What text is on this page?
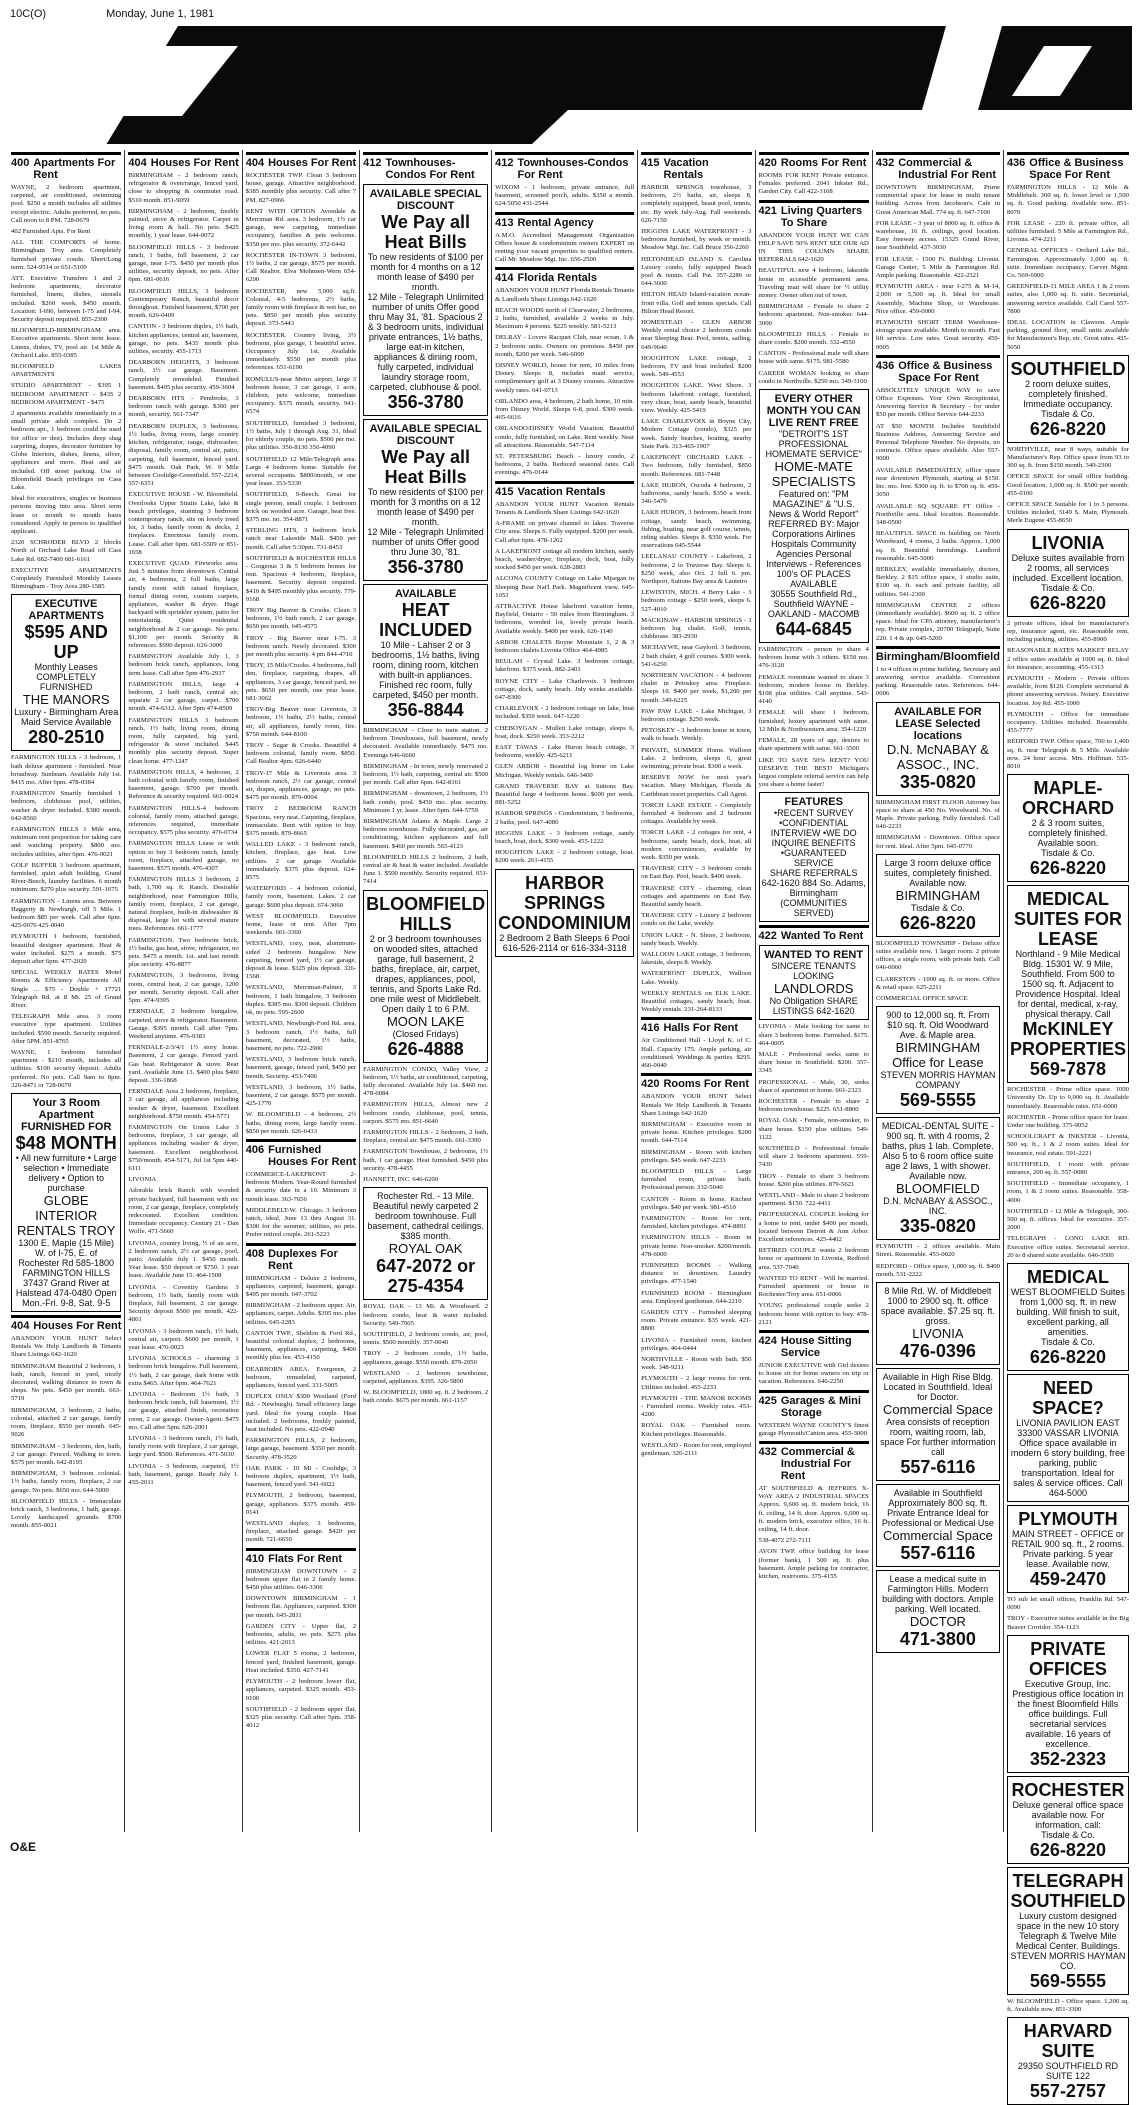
10C(O)	Monday, June 1, 1981
400 Apartments For Rent
WAYNE, 2 bedroom apartment, carpeted, air conditioned, swimming pool. $250 a month includes all utilities except electric. Adults preferred, no pets. Call noon to 8 PM. 728-0679
402 Furnished Apts. For Rent
ALL THE COMFORTS of home. Birmingham Troy area. Completely furnished private condo. Short/Long term. 524-9514 or 651-5109
ATT. Executive Transfers 1 and 2 bedroom apartments, decorator furnished, linens, dishes, utensils included. $260 week, $450 month. Location: I-696, between I-75 and I-94. Security deposit required. 855-2300
BLOOMFIELD-BIRMINGHAM area. Executive apartments. Short term lease. Linens, dishes, TV, pool air. 1st Mile & Orchard Lake. 855-0385
BLOOMFIELD LAKES APARTMENTS
STUDIO APARTMENT - $395 1 BEDROOM APARTMENT - $435 2 BEDROOM APARTMENT - $475
2 apartments available immediately in a small private adult complex. (In 2 bedroom apt., 1 bedroom could be used for office or den). Includes deep shag carpeting, drapes, decorator furniture by Globe Interiors, dishes, linens, silver, appliances and more. Heat and air included. Off street parking. Use of Bloomfield Beach privileges on Cass Lake.
Ideal for executives, singles or business persons moving into area. Short term lease or month to month basis considered. Apply in person to qualified applicant.
2320 SCHRODER BLVD 2 blocks North of Orchard Lake Road off Cass Lake Rd. 682-7400 681-6161
EXECUTIVE APARTMENTS Completely Furnished Monthly Leases Birmingham - Troy Area 280-1585
EXECUTIVE APARTMENTS
$595 AND UP
Monthly Leases COMPLETELY FURNISHED
THE MANORS
Luxury - Birmingham Area Maid Service Available
280-2510
FARMINGTON HILLS - 3 bedroom, 1 bath deluxe apartment - furnished. Near broadway. Sunbeam. Available July 1st. $415 mo. After 6pm. 478-0384
FARMINGTON Smartly furnished 1 bedroom, clubhouse pool, utilities, washer & dryer included. $380 month. 642-8560
FARMINGTON HILLS 1 Mile area, minimum rent proportion for taking care and watching property. $800 mo. includes utilities, after 6pm. 476-0021
GOLF BUFFER 3 bedroom apartment, furnished, quiet adult building, Grand River-Beech, laundry facilities. 6 month minimum. $270 plus security. 591-1075
FARMINGTON - Linens area. Between Haggerty & Newburgh, off 5 Mile. 1 bedroom $85 per week. Call after 6pm. 425-0076 425-0040
PLYMOUTH 1 bedroom, furnished, beautiful designer apartment. Heat & water included. $275 a month. $75 deposit after 6pm. 477-2020
SPECIAL WEEKLY RATES Motel Rooms & Efficiency Apartments All Single ... $75 - Double + 17721 Telegraph Rd. at 8 Mi. 25 of Grand River.
TELEGRAPH Mile area. 3 room executive type apartment. Utilities included. $590 month. Security required. After 5PM. 851-8765
WAYNE, 1 bedroom furnished apartment - $210 month, includes all utilities. $100 security deposit. Adults preferred. No pets. Call 9am to 8pm. 326-8471 or 728-0679
Your 3 Room Apartment FURNISHED FOR
$48 MONTH
• All new furniture • Large selection • Immediate delivery • Option to purchase
GLOBE INTERIOR RENTALS TROY
1300 E. Maple (15 Mile) W. of I-75, E. of Rochester Rd 585-1800 FARMINGTON HILLS 37437 Grand River at Halstead 474-0480 Open Mon.-Fri. 9-8, Sat. 9-5
404 Houses For Rent
ABANDON YOUR HUNT Select Rentals We Help Landlords & Tenants Share Listings 642-1620
BIRMINGHAM Beautiful 2 bedroom, 1 bath, ranch, fenced in yard, nicely decorated, walking distance to town & shops. No pets. $450 per month. 663-5719
BIRMINGHAM, 3 bedroom, 2 baths, colonial, attached 2 car garage, family room, fireplace. $550 per month. 645-9026
BIRMINGHAM - 3 bedroom, den, bath, 2 car garage. Fenced. Walking to town. $575 per month. 642-8195
BIRMINGHAM, 3 bedroom colonial. 1½ baths, family room, fireplace, 2 car garage. No pets. $650 mo. 644-5000
BLOOMFIELD HILLS - Immaculate brick ranch, 3 bedrooms, 1 bath, garage. Lovely landscaped grounds. $700 month. 855-0021
404 Houses For Rent
BIRMINGHAM - 2 bedroom ranch, refrigerator & oven/range, fenced yard, close to shopping & commuter road. $510 month. 851-9059
BIRMINGHAM - 2 bedroom, freshly painted, stove & refrigerator. Carpet in living room & hall. No pets. $425 monthly, 1 year lease. 644-0072
BLOOMFIELD HILLS - 3 bedroom ranch, 1 baths, full basement, 2 car garage, near I-75. $450 per month plus utilities, security deposit, no pets. After 6pm. 681-0616
BLOOMFIELD HILLS, 3 bedroom Contemporary Ranch, beautiful decor throughout. Finished basement, $700 per month. 626-0409
CANTON - 3 bedroom duplex, 1½ bath, kitchen appliances, central air, basement, garage, no pets. $435 month plus utilities, security. 455-1713
DEARBORN HEIGHTS, 3 bedroom ranch, 1½ car garage. Basement. Completely remodeled. Finished basement. $495 plus security. 459-3604
DEARBORN HTS - Pembroke, 3 bedroom ranch with garage. $360 per month, security. 561-7347
DEARBORN DUPLEX, 3 bedrooms, 1½ baths, living room, large country kitchen, refrigerator, range, dishwasher, disposal, family room, central air, patio, carpeting, full basement, fenced yard. $475 month. Oak Park, W. 9 Mile between Coolidge-Greenfield. 557-2214, 357-6351
EXECUTIVE HOUSE - W. Bloomfield. Overlooks Upper Straits Lake, lake & beach privileges, stunning 3 bedroom contemporary ranch, sits on lovely treed lot, 3 baths, family room & decks, 2 fireplaces. Enormous family room. Lease. Call after 6pm. 681-5509 or 851-1658
EXECUTIVE QUAD. Fireworks area. Just 5 minutes from downtown. Central air, 4 bedrooms, 2 full baths, large family room with raised fireplace, formal dining room, custom carpets, appliances, washer & dryer. Huge backyard with sprinkler system, patio for entertaining. Quiet residential neighborhood & 2 car garage. No pets. $1,100 per month. Security & references. $990 deposit. 626-3000
FARMINGTON Available July 1, 3 bedroom brick ranch, appliances, long term lease. Call after 5pm 476-2937
FARMINGTON HILLS, large 4 bedroom, 2 bath ranch, central air, separate 2 car garage, carpet. $700 month. 474-6312. After 5pm 474-8509
FARMINGTON HILLS 3 bedroom ranch, 1½ bath, living room, dining room, fully carpeted, big yard, refrigerator & stove included. $445 monthly plus security deposit. Super clean home. 477-1247
FARMINGTON HILLS, 4 bedroom, 2 bath colonial with family room, finished basement, garage. $700 per month. Reference & security required. 661-0024
FARMINGTON HILLS-4 bedroom colonial, family room, attached garage, references required, immediate occupancy. $575 plus security. 476-0734
FARMINGTON HILLS Lease or with option to buy 3 bedroom ranch, family room, fireplace, attached garage, no basement. $575 month. 476-4307
FARMINGTON HILLS 3 bedroom, 2 bath, 1,700 sq. ft. Ranch. Desirable neighborhood, near Farmington Hills, family room, fireplace, 2 car garage, natural fireplace, built-in dishwasher & disposal, large lot with several mature trees. References. 661-1777
FARMINGTON. Two bedroom brick, 1½ baths, gas heat, stove, refrigerator, no pets. $475 a month. 1st. and last month plus security. 476-8877
FARMINGTON, 3 bedrooms, living room, central heat, 2 car garage, 1200 per month, Security deposit. Call after 5pm. 474-9395
FERNDALE, 2 bedroom bungalow, carpeted, stove & refrigerator. Basement. Garage. $395 month. Call after 7pm. Weekend anytime. 476-9383
FERNDALE-2/3/4/1 1½ story home. Basement, 2 car garage. Fenced yard. Gas heat. Refrigerator & stove. Rear yard. Available June 13. $400 plus $400 deposit. 336-1868
FERNDALE Area 2 bedroom, fireplace, 3 car garage, all appliances including washer & dryer, basement. Excellent neighborhood. $750 month. 454-5771
FARMINGTON On Union Lake 3 bedrooms, fireplace, 3 car garage, all appliances including washer & dryer, basement. Excellent neighborhood. $750/month. 454-5171, Jul 1st 5pm 440-6111
LIVONIA
Adorable brick Ranch with wooded private backyard, full basement with rec room, 2 car garage, fireplace, completely redecorated. Excellent condition. Immediate occupancy. Century 21 - Dan Wolfe. 471-5660
LIVONIA, country living, ½ of an acre, 2 bedroom ranch, 2½ car garage, pool, patio. Available July 1. $450 month. Year lease. $50 deposit or $750. 1 year lease. Available June 15. 464-1508
LIVONIA - Coventry Gardens 3 bedroom, 1½ bath, family room with fireplace, full basement, 2 car garage. Security deposit $500 per month. 422-4861
LIVONIA - 3 bedroom ranch, 1½ bath, central air, carport. $600 per month, 1 year lease. 476-0023
LIVONIA SCHOOLS - charming 3 bedroom brick bungalow. Full basement, 1½ bath, 2 car garage, dark home with extra $465. After 6pm. 464-7621
LIVONIA - Bedroom 1½ bath, 3 bedroom brick ranch, full basement, 1½ car garage, attached finish, recreation room, 2 car garage. Owner-Agent. $475 mo. Call after 5pm. 626-2001
LIVONIA - 3 bedroom ranch, 1½ bath, family room with fireplace, 2 car garage, large yard. $500. References. 471-5030
LIVONIA - 3 bedroom, carpeted, 1½ bath, basement, garage. Ready July 1. 455-2011
404 Houses For Rent
ROCHESTER TWP. Clean 3 bedroom house, garage. Attractive neighborhood. $385 monthly plus security. Call after 7 PM. 827-0966
RENT WITH OPTION Avondale & Merriman Rd. area. 3 bedroom, 1½ car garage, new carpeting, immediate occupancy, families & pets welcome. $350 per mo. plus security. 372-6442
ROCHESTER IN-TOWN 3 bedroom, 1½ baths, 2 car garage, $575 per month. Call Realtor. Elva Mohnsen-Wern 654-6200
ROCHESTER, new 3,000 sq.ft. Colonial, 4-5 bedrooms, 2½ baths, family room with fireplace & wet bar, no pets. $850 per month plus security deposit. 373-5443
ROCHESTER. Country living, 3½ bedroom, plus garage, 1 beautiful acres. Occupancy July 1st. Available immediately. $550 per month plus references. 651-6190
ROMULUS-near Metro airport, large 3 bedroom house, 3 car garage, 1 acre, children, pets welcome, immediate occupancy. $375 month, security. 941-6574
SOUTHFIELD, furnished 3 bedroom, 1½ baths, July 1 through Aug. 31, Ideal for elderly couple, no pets. $500 per mo. plus utilities. 356-8130 356-4090
SOUTHFIELD 12 Mile/Telegraph area. Large 4 bedroom home. Suitable for several occupants. $800/month, or one year lease. 353-5330
SOUTHFIELD, 9-Beech. Great for single person, small couple. 1 bedroom brick on wooded acre. Garage, heat free. $375 mo. no. 354-8871
STERLING HTS, 3 bedroom brick ranch near Lakeside Mall. $450 per month. Call after 5:30pm. 731-8453
SOUTHFIELD & ROCHESTER HILLS - Gorgeous 3 & 5 bedroom homes for rent. Spacious 4 bedroom, fireplace, basement. Security deposit required. $410 & $495 monthly plus security. 779-9168
TROY Big Beaver & Crooks. Clean 3 bedroom, 1½ bath ranch, 2 car garage. $650 per month. 645-4575
TROY - Big Beaver near I-75. 3 bedroom ranch. Newly decorated. $300 per month plus security. 4 pm 844-4710
TROY, 15 Mile/Crooks. 4 bedrooms, full den, fireplace, carpeting, drapes, all appliances, 3 car garage, fenced yard, no pets. $650 per month, one year lease. 681-3062
TROY-Big Beaver near Livernois, 3 bedroom, 1½ baths, 2½ baths, central air, all appliances, family room, fire. $750 month. 644-8100
TROY - Sugar & Crooks. Beautiful 4 bedroom colonial, family room. $850. Call Realtor 4pm. 626-6440
TROY-17 Mile & Livernois area. 3 bedroom ranch, 2½ car garage, central air, drapes, appliances, garage, no pets. $475 per month. 879-0004
TROY 2 BEDROOM RANCH Spacious, very neat. Carpeting, fireplace, immaculate. Rent with option to buy. $375 month. 879-8665
WALLED LAKE - 3 bedroom ranch, kitchen, fireplace, gas heat. Low utilities. 2 car garage. Available immediately. $375 plus deposit. 624-8575
WATERFORD - 4 bedroom colonial, family room, basement. Lakes. 2 car garage. $600 plus deposit. 674-3060
WEST BLOOMFIELD. Executive home, lease or rent. After 7pm weekends. 661-3360
WESTLAND, cozy, neat, aluminum-sided 2 bedroom bungalow. New carpeting, fenced yard, 1½ car garage, deposit & lease. $325 plus deposit. 326-1568
WESTLAND, Merriman-Palmer, 3 bedroom, 1 bath bungalow, 3 bedroom duplex. $385 mo. $300 deposit. Children ok, no pets. 595-2600
WESTLAND, Newburgh-Ford Rd. area, 3 bedroom ranch, 1½ baths, full basement, decorated, 1½ baths, basement, no pets. 722-2900
WESTLAND, 3 bedroom brick ranch, basement, garage, fenced yard, $450 per month. Security. 453-7406
WESTLAND, 3 bedroom, 1½ baths, basement, 2 car garage. $575 per month. 425-1770
W. BLOOMFIELD - 4 bedroom, 2½ baths, dining room, large family room. $850 per month. 626-6433
406 Furnished Houses For Rent
COMMERCE-LAKEFRONT 2-bedroom Modern. Year-Round furnished & security date in a 10. Minimum 3 month lease. 363-7656
MIDDLEBELT-W. Chicago. 3 bedroom ranch, ideal, June 13 thru August 31. $300 for the summer, utilities, no pets. Prefer retired couple. 261-5223
408 Duplexes For Rent
BIRMINGHAM - Deluxe 2 bedroom, appliances, carpeted, basement, garage. $495 per month. 647-3702
BIRMINGHAM - 2 bedroom upper. Air, appliances, carpet. Adults. $395 mo. plus utilities. 645-2283
CANTON TWP., Sheldon & Ford Rd., beautiful colonial duplex, 2 bedrooms, basement, appliances, carpeting, $400 monthly plus fee. 453-4150
DEARBORN AREA. Evergreen, 2 bedroom, remodeled, carpeted, appliances, fenced yard. 331-5005
DUPLEX ONLY $300 Westland (Ford Rd. - Newburgh). Small efficiency large yard. Ideal for young couple. Heat included. 2 bedrooms, freshly painted, heat included. No pets. 422-0940
FARMINGTON HILLS, 2 bedroom, large garage, basement. $350 per month. Security. 478-3520
OAK PARK - 10 Mi - Coolidge, 3 bedroom duplex, apartment, 1½ bath, basement, fenced yard. 541-6022
PLYMOUTH, 2 bedroom, basement, garage, appliances. $375 month. 459-0141
WESTLAND duplex, 3 bedrooms, fireplace, attached garage. $420 per month. 721-6650
410 Flats For Rent
BIRMINGHAM DOWNTOWN - 2 bedroom upper flat in 2 family home. $450 plus utilities. 646-3306
DOWNTOWN BIRMINGHAM - 1 bedroom flat. Appliances, carpeted. $300 per month. 645-2811
GARDEN CITY - Upper flat, 2 bedrooms, adults, no pets. $275 plus utilities. 421-2013
LOWER FLAT 5 rooms, 2 bedroom, fenced yard, finished basement, garage. Heat included. $350. 427-7141
PLYMOUTH - 2 bedroom lower flat, appliances, carpeted. $325 month. 453-0100
SOUTHFIELD - 2 bedroom upper flat. $325 plus security. Call after 5pm. 358-4012
412 Townhouses-Condos For Rent
AVAILABLE SPECIAL DISCOUNT
We Pay all Heat Bills
To new residents of $100 per month for 4 months on a 12 month lease of $490 per month.
12 Mile - Telegraph Unlimited number of units Offer good thru May 31, '81. Spacious 2 & 3 bedroom units, individual private entrances, 1½ baths, large eat-in kitchen, appliances & dining room, fully carpeted, individual laundry storage room, carpeted, clubhouse & pool.
356-3780
AVAILABLE SPECIAL DISCOUNT
We Pay all Heat Bills
To new residents of $100 per month for 3 months on a 12 month lease of $490 per month.
12 Mile - Telegraph Unlimited number of units Offer good thru June 30, '81.
356-3780
AVAILABLE
HEAT INCLUDED
10 Mile - Lahser 2 or 3 bedrooms, 1½ baths, living room, dining room, kitchen with built-in appliances. Finished rec room, fully carpeted, $450 per month.
356-8844
BIRMINGHAM - Close to train station. 2 bedroom Townhouses, full basement, newly decorated. Available immediately. $475 mo. Evenings 646-6660
BIRMINGHAM - In town, newly renovated 2 bedroom, 1½ bath, carpeting, central air. $500 per month. Call after 6pm. 642-8161
BIRMINGHAM - downtown, 2 bedroom, 1½ bath condo, pool. $450 mo. plus security. Minimum 1 yr. lease. After 6pm. 644-5759
BIRMINGHAM Adams & Maple. Large 2 bedroom townhouse. Fully decorated, gas, air conditioning, kitchen appliances and full basement. $460 per month. 565-4123
BLOOMFIELD HILLS 2 bedroom, 2 bath, central air & heat & water included. Available June 1. $500 monthly. Security required. 651-7414
BLOOMFIELD HILLS
2 or 3 bedroom townhouses on wooded sites, attached garage, full basement, 2 baths, fireplace, air, carpet, drapes, appliances, pool, tennis, and Sports Lake Rd. one mile west of Middlebelt. Open daily 1 to 6 P.M.
MOON LAKE
(Closed Fridays)
626-4888
FARMINGTON CONDO, Valley View, 2 bedroom, 1½ baths, air conditioned, carpeting, fully decorated. Available July 1st. $460 mo. 478-0084
FARMINGTON HILLS, Almost new 2 bedroom condo, clubhouse, pool, tennis, carport. $575 mo. 851-6640
FARMINGTON HILLS - 2 bedroom, 2 bath, fireplace, central air. $475 month. 661-3390
FARMINGTON Townhouse, 2 bedrooms, 1½ bath, 1 car garage. Heat furnished. $450 plus security. 478-4455
HANNETT, INC. 646-6200
Rochester Rd. - 13 Mile. Beautiful newly carpeted 2 bedroom townhouse. Full basement, cathedral ceilings. $385 month.
ROYAL OAK
647-2072 or 275-4354
ROYAL OAK - 13 Mi. & Woodward. 2 bedroom condo, heat & water included. Security. 549-7005
SOUTHFIELD, 2 bedroom condo, air, pool, tennis. $500 monthly. 357-0040
TROY - 2 bedroom condo, 1½ baths, appliances, garage. $550 month. 879-2050
WESTLAND - 2 bedroom townhouse, carpeted, appliances. $395. 326-5800
W. BLOOMFIELD, 1800 sq. ft. 2 bedroom, 2 bath condo. $675 per month. 661-1157
412 Townhouses-Condos For Rent
WIXOM - 1 bedroom, private entrance, full basement, screened porch, adults. $350 a month. 624-5050 431-2544
413 Rental Agency
A.M.O. Accredited Management Organization Offers house & condominium owners EXPERT on renting your vacant properties to qualified renters. Call Mr. Meadow Mgt. Inc. 656-2500
414 Florida Rentals
ABANDON YOUR HUNT Florida Rentals Tenants & Landlords Share Listings 642-1620
BEACH WOODS north of Clearwater, 2 bedrooms, 2 baths, furnished, available 2 weeks in July. Maximum 4 persons. $225 weekly. 581-5213
DELRAY - Lovers Racquet Club, near ocean, 1 & 2 bedroom units. Owners on premises. $450 per month, $200 per week. 546-6000
DISNEY WORLD, house for rent, 10 miles from Disney. Sleeps 8, includes maid service, complimentary golf at 3 Disney courses. Attractive weekly rates. 641-0713
ORLANDO area, 4 bedroom, 2 bath home, 10 min. from Disney World. Sleeps 6-8, pool. $300 week. 465-6616
ORLANDO/DISNEY World Vacation. Beautiful condo, fully furnished, on Lake. Rent weekly. Near all attractions. Reasonable. 547-7114
ST. PETERSBURG Beach - luxury condo, 2 bedrooms, 2 baths. Reduced seasonal rates. Call evenings. 476-0144
415 Vacation Rentals
ABANDON YOUR HUNT Vacation Rentals Tenants & Landlords Share Listings 642-1620
A-FRAME on private channel to lakes. Traverse City area. Sleeps 6. Fully equipped. $200 per week. Call after 6pm. 478-1262
A LAKEFRONT cottage all modern kitchen, sandy beach, washer/dryer, fireplace, deck, boat, fully stocked $450 per week. 628-2883
ALCONA COUNTY Cottage on Lake Mjsegan in Sleeping Bear Nat'l Park. Magnificent view. 645-1053
ATTRACTIVE House lakefront vacation home, Bayfield, Ontario - 50 miles from Birmingham. 3 bedrooms, wooded lot, lovely private beach. Available weekly. $400 per week. 626-1140
ARBOR CHALETS Boyne Mountain 1, 2 & 3 bedroom chalets Livonia Office 464-4985
BEULAH - Crystal Lake. 3 bedroom cottage, lakefront. $375 week. 882-2401
BOYNE CITY - Lake Charlevoix. 3 bedroom cottage, dock, sandy beach. July weeks available. 647-8300
CHARLEVOIX - 2 bedroom cottage on lake, boat included. $350 week. 647-1220
CHEBOYGAN - Mullett Lake cottage, sleeps 6, boat, dock. $250 week. 353-2212
EAST TAWAS - Lake Huron beach cottage, 3 bedrooms, weekly. 425-6211
GLEN ARBOR - Beautiful log home on Lake Michigan. Weekly rentals. 646-3400
GRAND TRAVERSE BAY at Suttons Bay. Beautiful large 4 bedroom home. $600 per week. 881-5252
HARBOR SPRINGS - Condominium, 3 bedrooms, 2 baths, pool. 647-4080
HIGGINS LAKE - 3 bedroom cottage, sandy beach, boat, dock. $300 week. 455-1222
HOUGHTON LAKE - 2 bedroom cottage, boat. $200 week. 261-4155
HARBOR SPRINGS CONDOMINIUM
2 Bedroom 2 Bath Sleeps 6 Pool
616-526-2114 or 616-334-3118
415 Vacation Rentals
HARBOR SPRINGS townhouse, 3 bedroom, 2½ baths, air, sleeps 8, completely equipped, beaut pool, tennis, etc. By week July-Aug. Fall weekends. 626-7150
HIGGINS LAKE WATERFRONT - 3 bedrooms furnished, by week or month. Meadow Mgt. Inc. Call Bruce 356-2260
HILTONHEAD ISLAND S. Carolina Luxury condo, fully equipped Beach pool & tennis. Call Pat. 357-2286 or 644-3600
HILTON HEAD Island-vacation ocean-front villa. Golf and tennis specials. Call Hilton Head Resort.
HOMESTEAD - GLEN ARBOR Weekly rental choice 2 bedroom condo near Sleeping Bear. Pool, tennis, sailing. 649-9640
HOUGHTON LAKE cottage, 2 bedroom, TV and boat included. $200 week. 549-4553
HOUGHTON LAKE. West Shore. 3 bedroom lakefront cottage, furnished, very clean, boat, sandy beach, beautiful view. Weekly. 425-5419
LAKE CHARLEVOIX in Boyne City, Modern Cottage (condo), $325 per week. Sandy beaches, boating, nearby State Park. 313-465-1907
LAKEFRONT ORCHARD LAKE - Two bedroom, fully furnished, $850 month. References. 681-7448
LAKE HURON, Oscoda 4 bedroom, 2 bathrooms, sandy beach. $350 a week. 346-5479
LAKE HURON, 3 bedroom, beach front cottage, sandy beach, swimming, fishing, boating, near golf course, tennis, riding stables. Sleeps 8. $350 week. For reservations 645-5544
LEELANAU COUNTY - Lakefront, 2 bedrooms, 2 to Traverse Bay. Sleeps 6. $250 week, also Oct. 2 full 6. pm. Northport, Suttons Bay area & Lautetro
LEWISTON, MICH. 4 Berry Lake - 3 bedroom cottage - $250 week, sleeps 6. 527-4010
MACKINAW - HARBOR SPRINGS - 3 bedroom log chalet. Golf, tennis, clubhouse. 383-2930
MICHAYWE, near Gaylord. 3 bedroom, 2 bath chalet, 4 golf courses. $300 week. 541-6250
NORTHERN VACATION - 4 bedroom chalet in Petoskey area. Fireplace. Sleeps 10. $400 per week, $1,200 per month. 349-6225
PAW PAW LAKE - Lake Michigan, 3 bedroom cottage. $250 week.
PETOSKEY - 3 bedroom home in town, walk to beach. Weekly.
PRIVATE, SUMMER Home. Walloon Lake. 2 bedroom, sleeps 6, great swimming, private boat. $300 a week.
RESERVE NOW for next year's vacation. Many Michigan, Florida & Caribbean resort properties. Call Agent.
TORCH LAKE ESTATE - Completely furnished 4 bedroom and 2 bedroom cottages. Available by week.
TORCH LAKE - 2 cottages for rent, 4 bedrooms, sandy beach, dock, boat, all modern conveniences, available by week. $350 per week.
TRAVERSE CITY - 3 bedroom condo on East Bay. Pool, beach. $400 week.
TRAVERSE CITY - charming, clean cottages and apartments on East Bay. Beautiful sandy beach.
TRAVERSE CITY - Luxury 2 bedroom condo on the Lake, weekly.
UNION LAKE - N. Shore, 2 bedroom, sandy beach. Weekly.
WALLOON LAKE cottage, 3 bedroom, lakeside, sleeps 8. Weekly.
WATERFRONT DUPLEX, Walloon Lake. Weekly.
WEEKLY RENTALS on ELK LAKE. Beautiful cottages, sandy beach, boat. Weekly rentals. 231-264-8133
416 Halls For Rent
Air Conditioned Hall - Lloyd K. of C. Hall. Capacity 175. Ample parking, air conditioned. Weddings & parties. $295. 466-0040
420 Rooms For Rent
ABANDON YOUR HUNT Select Rentals We Help Landlords & Tenants Share Listings 642-1620
BIRMINGHAM - Executive room in private home. Kitchen privileges. $200 month. 644-7114
BIRMINGHAM - Room with kitchen privileges. $45 week. 647-2233
BLOOMFIELD HILLS - Large furnished room, private bath. Professional person. 332-5040
CANTON - Room in home. Kitchen privileges. $40 per week. 981-4510
FARMINGTON - Room for rent, furnished, kitchen privileges. 474-8891
FARMINGTON HILLS - Room in private home. Non-smoker. $200/month. 478-6000
FURNISHED ROOMS - Walking distance to downtown. Laundry privileges. 477-1540
FURNISHED ROOM - Birmingham area. Employed gentleman. 644-2210
GARDEN CITY - Furnished sleeping room. Private entrance. $35 week. 421-8800
LIVONIA - Furnished room, kitchen privileges. 464-0444
NORTHVILLE - Room with bath. $50 week. 348-9211
PLYMOUTH - 2 large rooms for rent. Utilities included. 455-2233
PLYMOUTH - THE MANOR ROOMS - Furnished rooms. Weekly rates. 453-4200
ROYAL OAK - Furnished room. Kitchen privileges. Reasonable.
WESTLAND - Room for rent, employed gentleman. 326-2111
420 Rooms For Rent
ROOMS FOR RENT Private entrance. Females preferred. 2041 Inkster Rd., Garden City. Call 422-3168
421 Living Quarters To Share
ABANDON YOUR HUNT WE CAN HELP SAVE 50% RENT SEE OUR AD IN THIS COLUMN SHARE REFERRALS 642-1620
BEAUTIFUL new 4 bedroom, lakeside home in accessible permanent area. Traveling man will share for ½ utility money. Owner often out of town.
BIRMINGHAM - Female to share 2 bedroom apartment. Non-smoker. 644-3000
BLOOMFIELD HILLS - Female to share condo. $200 month. 332-4550
CANTON - Professional male will share house with same. $175. 981-5580
CAREER WOMAN looking to share condo in Northville. $250 mo. 349-3100
EVERY OTHER MONTH YOU CAN LIVE RENT FREE
"DETROIT'S 1ST PROFESSIONAL HOMEMATE SERVICE"
HOME-MATE SPECIALISTS
Featured on: "PM MAGAZINE" & "U.S. News & World Report" REFERRED BY: Major Corporations Airlines Hospitals Community Agencies Personal Interviews - References 100's OF PLACES AVAILABLE
30555 Southfield Rd., Southfield WAYNE - OAKLAND - MACOMB
644-6845
FARMINGTON - person to share 4 bedroom home with 3 others. $150 mo. 476-3120
FEMALE roommate wanted to share 3 bedroom, modern house in Berkley. $108 plus utilities. Call anytime. 543-4140
FEMALE will share 1 bedroom, furnished, luxury apartment with same. 12 Mile & Northwestern area. 354-1220
FEMALE, 28 years of age, desires to share apartment with same. 661-3500
LIKE TO SAVE 50% RENT? YOU DESERVE THE BEST! Michigan's largest complete referral service can help you share a home faster!
FEATURES
•RECENT SURVEY •CONFIDENTIAL INTERVIEW •WE DO INQUIRE BENEFITS •GUARANTEED SERVICE
SHARE REFERRALS 642-1620 884 So. Adams, Birmingham (COMMUNITIES SERVED)
422 Wanted To Rent
WANTED TO RENT
SINCERE TENANTS LOOKING
LANDLORDS
No Obligation SHARE LISTINGS 642-1620
LIVONIA - Male looking for same to share 3 bedroom home. Furnished. $175. 464-0005
MALE - Professional seeks same to share house in Southfield. $200. 357-3345
PROFESSIONAL - Male, 30, seeks share of apartment or home. 661-2323
ROCHESTER - Female to share 2 bedroom townhouse. $225. 651-8800
ROYAL OAK - Female, non-smoker, to share house. $150 plus utilities. 549-1122
SOUTHFIELD - Professional female will share 2 bedroom apartment. 559-7430
TROY - Female to share 3 bedroom house. $200 plus utilities. 879-5621
WESTLAND - Male to share 2 bedroom apartment. $150. 722-4411
PROFESSIONAL COUPLE looking for a home to rent, under $400 per month, located between Detroit & Ann Arbor. Excellent references. 425-4402
RETIRED COUPLE wants 2 bedroom home or apartment in Livonia, Redford area. 537-7040
WANTED TO RENT - Will be married. Furnished apartment or house in Rochester/Troy area. 651-0066
YOUNG professional couple seeks 2 bedroom home with option to buy. 478-2121
424 House Sitting Service
JUNIOR EXECUTIVE with Girl desires to house sit for home owners on trip or vacation. References. 646-2250
425 Garages & Mini Storage
WESTERN WAYNE COUNTY'S finest garage Plymouth/Canton area. 455-3000
432 Commercial & Industrial For Rent
AT SOUTHFIELD & JEFFRIES X-WAY AREA 2 INDUSTRIAL SPACES Approx. 9,600 sq. ft. modern brick, 16 ft. ceiling, 14 ft. door. Approx. 6,000 sq. ft. modern brick, executive office, 16 ft. ceiling, 14 ft. door.
538-4072 272-7111
AVON TWP. office building for lease (former bank), 1 500 sq. ft. plus basement. Ample parking for contractor, kitchen, restrooms. 375-4155
432 Commercial & Industrial For Rent
DOWNTOWN BIRMINGHAM, Prime commercial space for lease in multi tenant building. Across from Jacobson's. Cafe in Great American Mall. 774 sq. ft. 647-7100
FOR LEASE - 3 year of 8000 sq. ft. office & warehouse, 16 ft. ceilings, good location. Easy freeway access. 15325 Grand River, near Southfield. 437-3030
FOR LEASE - 1500 Ft. Building. Livonia. Garage Center, 5 Mile & Farmington Rd. Ample parking. Reasonable. 422-2321
PLYMOUTH AREA - near I-275 & M-14, 2,000 or 5,500 sq. ft. Ideal for small Assembly, Machine Shop, or Warehouse. Nice office. 459-0000
PLYMOUTH SHORT TERM Warehouse-storage space available. Month to month. Fast lift service. Low rates. Great security. 459-0005
436 Office & Business Space For Rent
ABSOLUTELY UNIQUE WAY to save Office Expenses. Your Own Receptionist, Answering Service & Secretary - for under $50 per month. Office Service 644-2233
AT $50 MONTH Includes Southfield Business Address, Answering Service and Personal Telephone Number. No deposits, no contracts. Office space available. Also 557-9000
AVAILABLE IMMEDIATELY, office space near downtown Plymouth, starting at $150. Inc. mo. free. $300 sq. ft. to $700 sq. ft. 459-3050
AVAILABLE SQ SQUARE FT Office - Northville area. Ideal location. Reasonable. 348-0500
BEAUTIFUL SPACE in building on North Woodward, 4 rooms, 2 baths. Approx. 1,000 sq. ft. Beautiful furnishings. Landlord reasonable. 645-5000
BERKLEY, available immediately, doctors, Berkley. 2 $15 office space, 1 studio suite, $100 sq. ft. each and private facility, all utilities. 541-2300
BIRMINGHAM CENTRE 2 offices (immediately available). $600 sq. ft. 2 office space. Ideal for CPA attorney, manufacturer's rep. Private complex, 20700 Telegraph, Suite 220. 1 4 & up. 645-5200
Birmingham/Bloomfield
1 to 4 offices in prime building. Secretary and answering service available. Convenient parking. Reasonable rates. References. 644-0006
AVAILABLE FOR LEASE Selected locations
D.N. McNABAY & ASSOC., INC.
335-0820
BIRMINGHAM FIRST FLOOR Attorney has space to share at 450 No. Woodward. No. of Maple. Private parking. Fully furnished. Call 646-2233
BIRMINGHAM - Downtown. Office space for rent. Ideal. After 5pm. 645-0770
Large 3 room deluxe office suites, completely finished. Available now.
BIRMINGHAM
Tisdale & Co.
626-8220
BLOOMFIELD TOWNSHIP - Deluxe office suites available now. 1 larger room. 2 private offices, a single room, with private bath. Call 646-0060
CLARKSTON - 1000 sq. ft. or more. Office & retail space. 625-2211
COMMERCIAL OFFICE SPACE
900 to 12,000 sq. ft. From $10 sq. ft. Old Woodward Ave. & Maple area.
BIRMINGHAM Office for Lease
STEVEN MORRIS HAYMAN COMPANY
569-5555
MEDICAL-DENTAL SUITE - 900 sq. ft. with 4 rooms, 2 baths, plus 1 lab. Complete. Also 5 to 6 room office suite age 2 laws, 1 with shower. Available now.
BLOOMFIELD
D.N. McNABAY & ASSOC., INC.
335-0820
PLYMOUTH - 2 offices available. Main Street. Reasonable. 453-0020
REDFORD - Office space, 1,000 sq. ft. $400 month. 531-2222
8 Mile Rd. W. of Middlebelt 1000 to 2900 sq. ft. office space available. $7.25 sq. ft. gross.
LIVONIA
476-0396
Available in High Rise Bldg. Located in Southfield. Ideal for Doctor.
Commercial Space
Area consists of reception room, waiting room, lab, space For further information call
557-6116
Available in Southfield Approximately 800 sq. ft. Private Entrance Ideal for Professional or Medical Use
Commercial Space
557-6116
Lease a medical suite in Farmington Hills. Modern building with doctors. Ample parking. Well located.
DOCTOR
471-3800
436 Office & Business Space For Rent
FARMINGTON HILLS - 12 Mile & Middlebelt. 300 sq. ft. lower level or 1,500 sq. ft. Good parking. Available now. 851-8070
FOR LEASE - 220 ft. private office, all utilities furnished. 5 Mile at Farmington Rd., Livonia. 474-2211
GENERAL OFFICES - Orchard Lake Rd., Farmington. Approximately 1,000 sq. ft. suite. Immediate occupancy. Carver Mgmt. Co. 569-6900
GREENFIELD-11 MILE AREA 1 & 2 room suites, also 1,000 sq. ft. suite. Secretarial, answering service available. Call Carol 557-7800
IDEAL LOCATION in Clawson. Ample parking, ground floor, small units available for Manufacturer's Rep, etc. Great rates. 435-5050
SOUTHFIELD
2 room deluxe suites, completely finished. Immediate occupancy.
Tisdale & Co.
626-8220
NORTHVILLE, near 8 ways, suitable for Manufacturer's Rep. Office space from 93 to 300 sq. ft. from $150 month. 349-2300
OFFICE SPACE for small office building. Good location. 1,000 sq. ft. $500 per month. 455-0100
OFFICE SPACE Suitable for 1 to 3 persons. Utilities included, 3149 S. Main, Plymouth. Merle Eugene 455-8650
LIVONIA
Deluxe suites available from 2 rooms, all services included. Excellent location.
Tisdale & Co.
626-8220
2 private offices, ideal for manufacturer's rep, insurance agent, etc. Reasonable rent, including parking, utilities. 455-8900
REASONABLE RATES MARKET RELAY 2 office suites available at 1000 sq. ft. Ideal for insurance, accounting. 455-1313
PLYMOUTH - Modern - Private offices available, from $120. Complete secretarial & phone answering services. Notary. Executive location. Joy Rd. 455-1000
PLYMOUTH - Office for immediate occupancy. Utilities included. Reasonable. 455-7777
REDFORD TWP. Office space, 700 to 1,400 sq. ft. near Telegraph & 5 Mile. Available now. 24 hour access. Mrs. Hoffman. 535-8010
MAPLE-ORCHARD
2 & 3 room suites, completely finished. Available soon.
Tisdale & Co.
626-8220
MEDICAL SUITES FOR LEASE
Northland - 9 Mile Medical Bldg. 15301 W. 9 Mile, Southfield. From 500 to 1500 sq. ft. Adjacent to Providence Hospital. Ideal for dental, medical, x-ray, physical therapy. Call
McKINLEY PROPERTIES 569-7878
ROCHESTER - Prime office space. 1000 University Dr. Up to 9,000 sq. ft. Available immediately. Reasonable rates. 651-6000
ROCHESTER - Prime office space for lease. Under one building. 375-9052
SCHOOLCRAFT & INKSTER - Livonia, 500 sq. ft., 1 & 2 room suites. Ideal for insurance, real estate. 591-2221
SOUTHFIELD, 1 room with private entrance, 200 sq. ft. 557-0080
SOUTHFIELD - Immediate occupancy, 1 room, 1 & 2 room suites. Reasonable. 358-4000
SOUTHFIELD - 12 Mile & Telegraph, 300-500 sq. ft. offices. Ideal for executive. 357-2000
TELEGRAPH - LONG LAKE RD. Executive office suites. Secretarial service. 20 to 8 shared suite available. 646-3500
MEDICAL
WEST BLOOMFIELD Suites from 1,000 sq. ft. in new building. Will finish to suit, excellent parking, all amenities.
Tisdale & Co.
626-8220
NEED SPACE?
LIVONIA PAVILION EAST 33300 VASSAR LIVONIA Office space available in modern 6 story building, free parking, public transportation. Ideal for sales & service offices. Call 464-5000
PLYMOUTH
MAIN STREET - OFFICE or RETAIL 900 sq. ft., 2 rooms. Private parking. 5 year lease. Available now.
459-2470
TO sub let small offices, Franklin Rd. 547-0090
TROY - Executive suites available in the Big Beaver Corridor. 354-1123
PRIVATE OFFICES
Executive Group, Inc. Prestigious office location in the finest Bloomfield Hills office buildings. Full secretarial services available. 16 years of excellence.
352-2323
ROCHESTER
Deluxe general office space available now. For information, call:
Tisdale & Co.
626-8220
TELEGRAPH SOUTHFIELD
Luxury custom designed space in the new 10 story Telegraph & Twelve Mile Medical Center. Buildings. STEVEN MORRIS HAYMAN CO.
569-5555
W. BLOOMFIELD - Office space. 1,200 sq. ft. Available now. 851-3300
HARVARD SUITE
29350 SOUTHFIELD RD SUITE 122
557-2757
O&E
